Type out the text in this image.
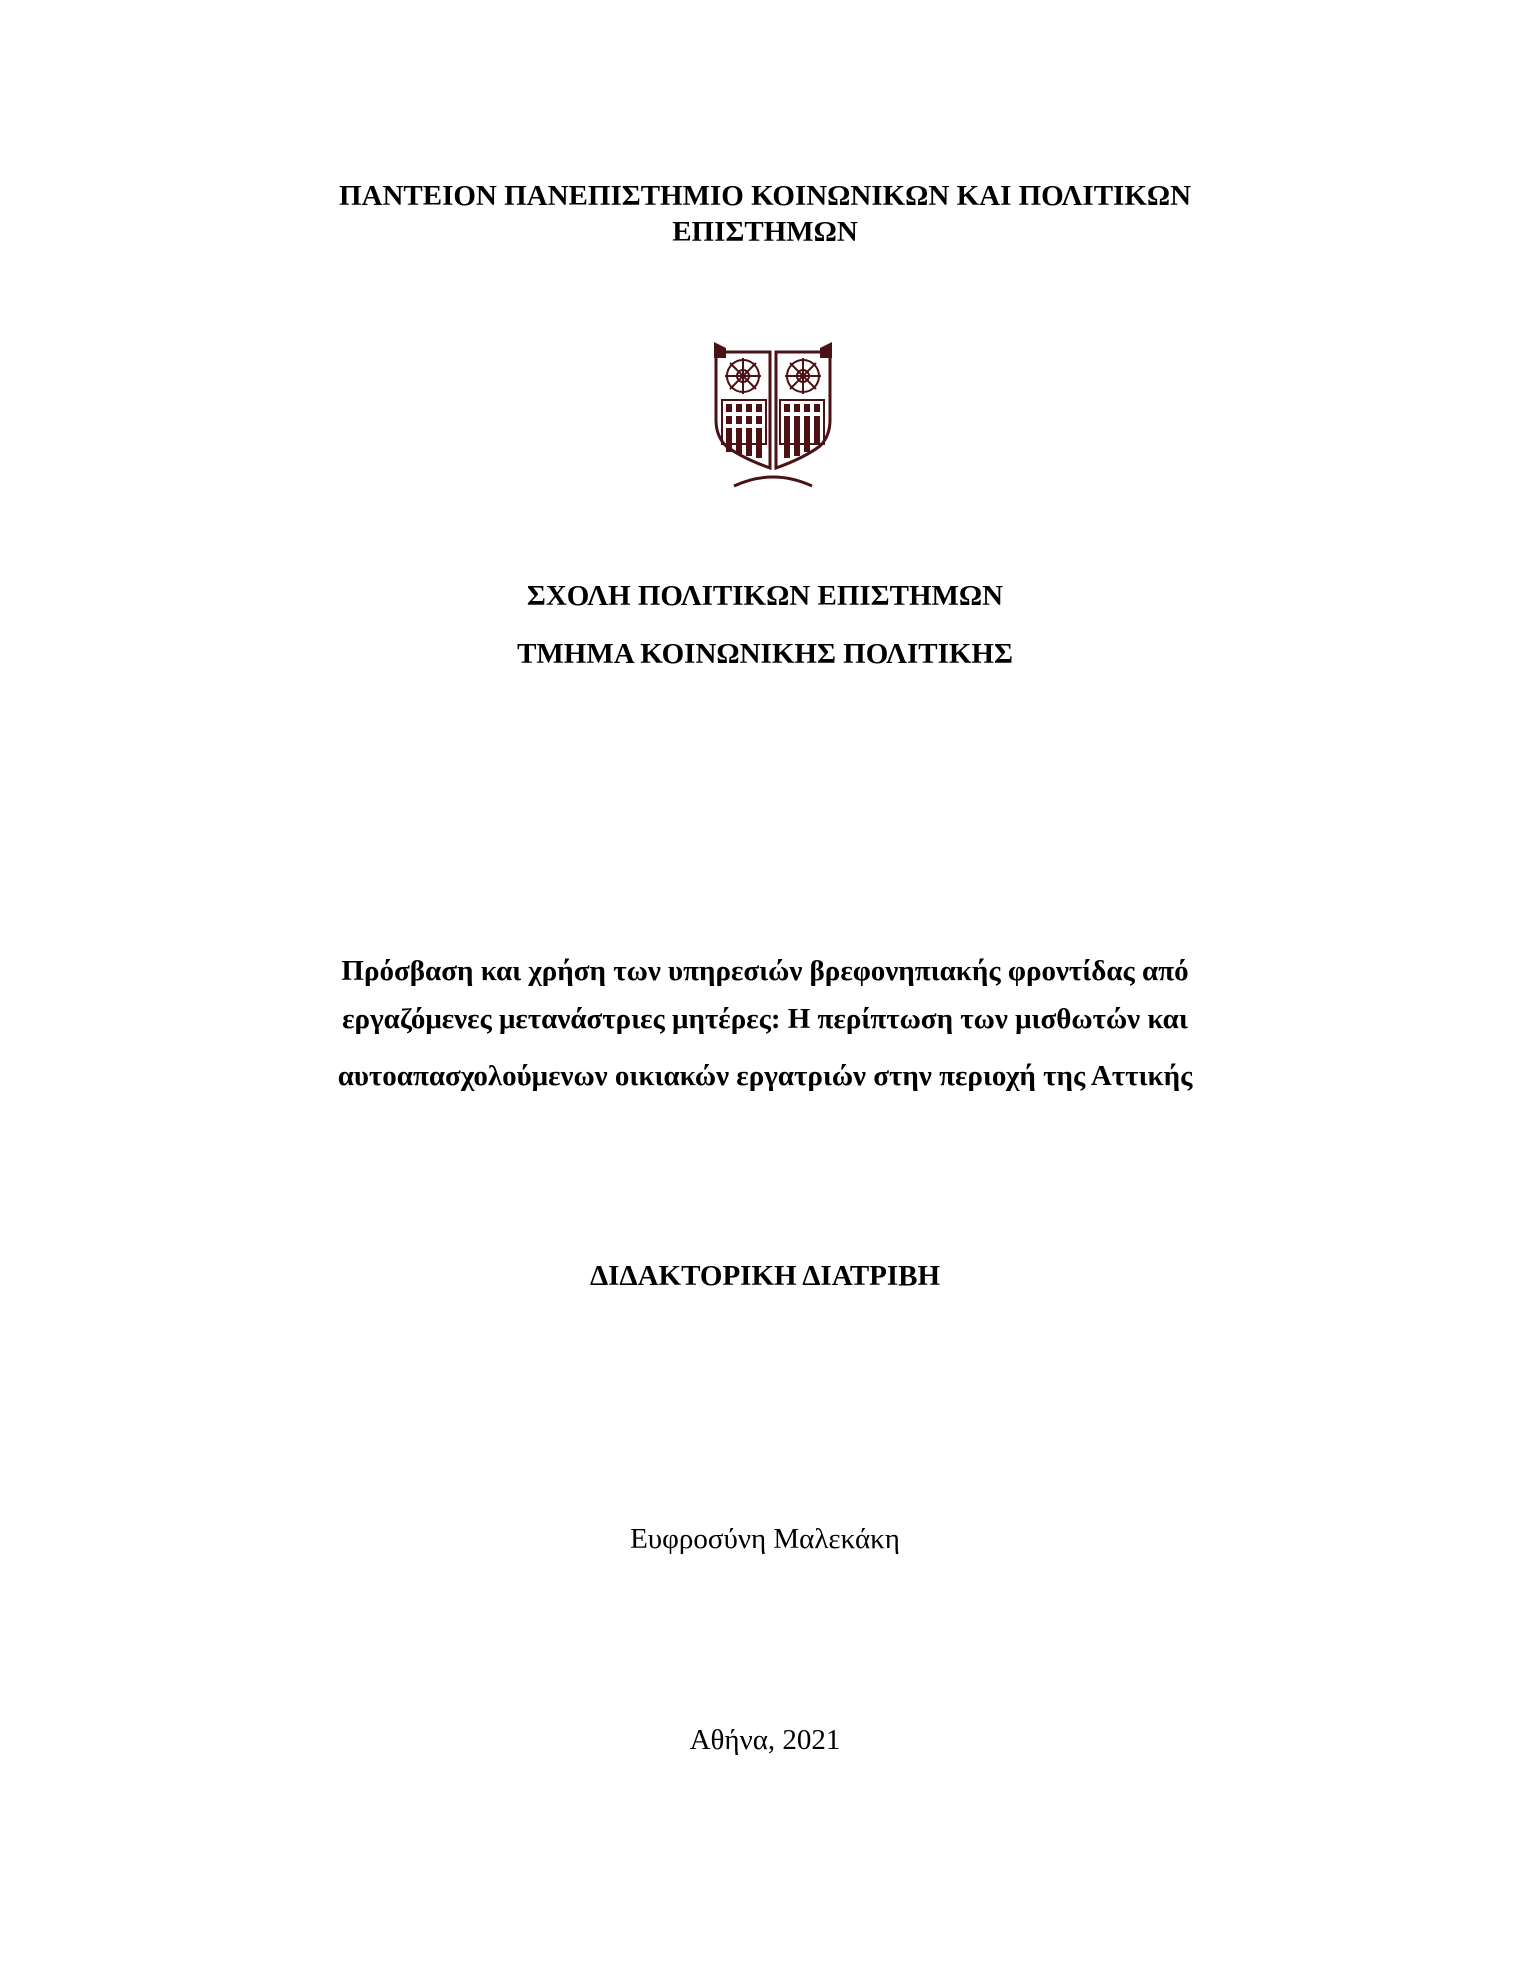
ΠΑΝΤΕΙΟΝ ΠΑΝΕΠΙΣΤΗΜΙΟ ΚΟΙΝΩΝΙΚΩΝ ΚΑΙ ΠΟΛΙΤΙΚΩΝ
ΕΠΙΣΤΗΜΩΝ
ΣΧΟΛΗ ΠΟΛΙΤΙΚΩΝ ΕΠΙΣΤΗΜΩΝ
ΤΜΗΜΑ ΚΟΙΝΩΝΙΚΗΣ ΠΟΛΙΤΙΚΗΣ
Πρόσβαση και χρήση των υπηρεσιών βρεφονηπιακής φροντίδας από
εργαζόμενες μετανάστριες μητέρες: Η περίπτωση των μισθωτών και
αυτοαπασχολούμενων οικιακών εργατριών στην περιοχή της Αττικής
ΔΙΔΑΚΤΟΡΙΚΗ ΔΙΑΤΡΙΒΗ
Ευφροσύνη Μαλεκάκη
Αθήνα, 2021
